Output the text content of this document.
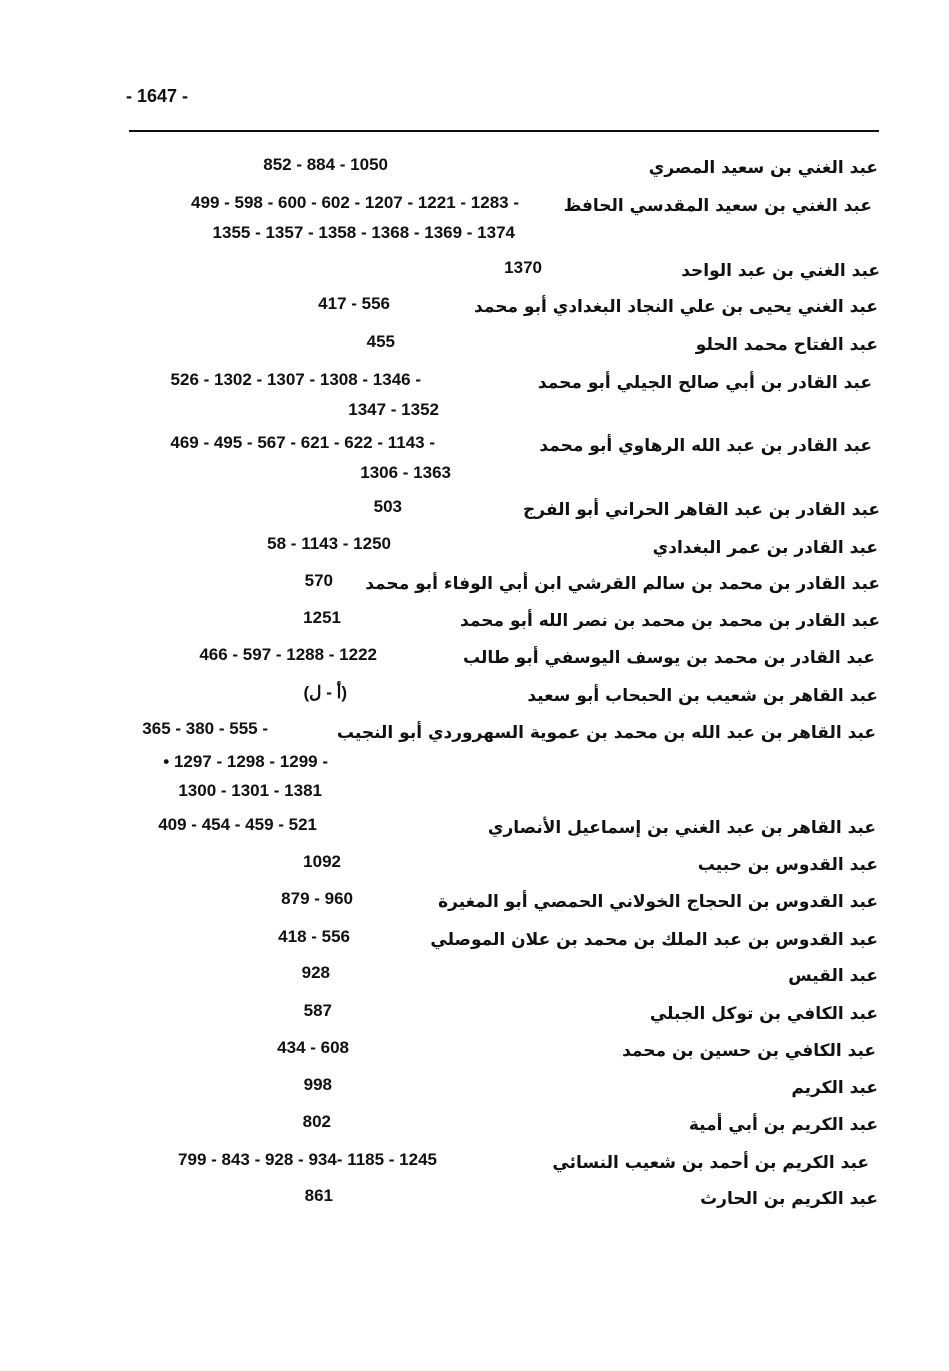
- 1647 -
عبد الغني بن سعيد المصري
852 - 884 - 1050
عبد الغني بن سعيد المقدسي الحافظ
499 - 598 - 600 - 602 - 1207 - 1221 - 1283 -
1355 - 1357 - 1358 - 1368 - 1369 - 1374
عبد الغني بن عبد الواحد
1370
عبد الغني يحيى بن علي النجاد البغدادي أبو محمد
417 - 556
عبد الفتاح محمد الحلو
455
عبد القادر بن أبي صالح الجيلي أبو محمد
526 - 1302 - 1307 - 1308 - 1346 -
1347 - 1352
عبد القادر بن عبد الله الرهاوي أبو محمد
469 - 495 - 567 - 621 - 622 - 1143 -
1306 - 1363
عبد القادر بن عبد القاهر الحراني أبو الفرج
503
عبد القادر بن عمر البغدادي
58 - 1143 - 1250
عبد القادر بن محمد بن سالم القرشي ابن أبي الوفاء أبو محمد
570
عبد القادر بن محمد بن محمد بن نصر الله أبو محمد
1251
عبد القادر بن محمد بن يوسف اليوسفي أبو طالب
466 - 597 - 1288 - 1222
عبد القاهر بن شعيب بن الحبحاب أبو سعيد
(أ - ل)
عبد القاهر بن عبد الله بن محمد بن عموية السهروردي أبو النجيب
365 - 380 - 555 -
• 1297 - 1298 - 1299 -
1300 - 1301 - 1381
عبد القاهر بن عبد الغني بن إسماعيل الأنصاري
409 - 454 - 459 - 521
عبد القدوس بن حبيب
1092
عبد القدوس بن الحجاج الخولاني الحمصي أبو المغيرة
879 - 960
عبد القدوس بن عبد الملك بن محمد بن علان الموصلي
418 - 556
عبد القيس
928
عبد الكافي بن توكل الجبلي
587
عبد الكافي بن حسين بن محمد
434 - 608
عبد الكريم
998
عبد الكريم بن أبي أمية
802
عبد الكريم بن أحمد بن شعيب النسائي
799 - 843 - 928 - 934- 1185 - 1245
عبد الكريم بن الحارث
861
